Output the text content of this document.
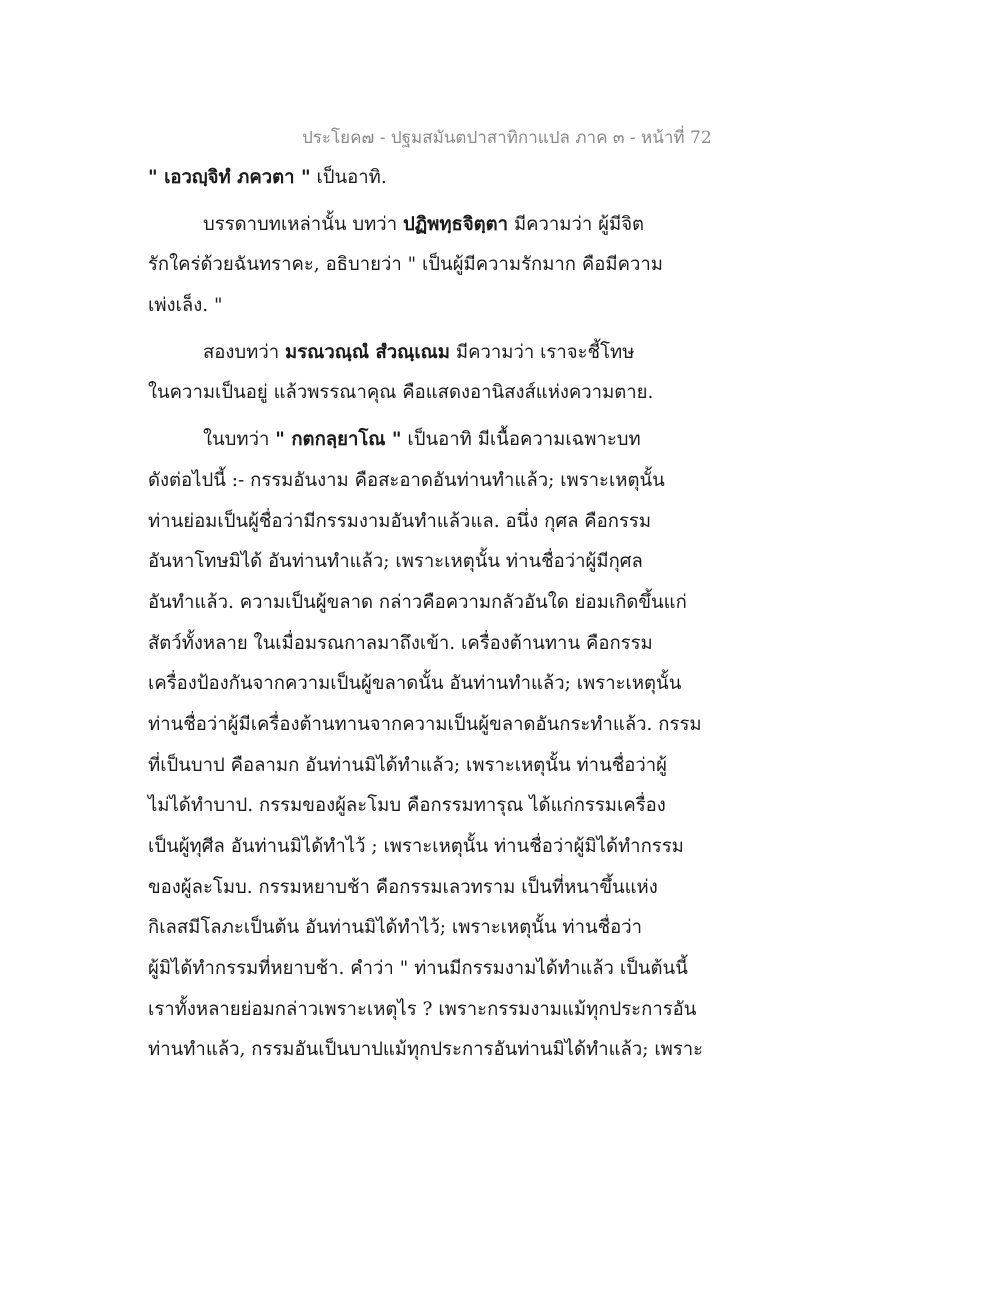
ประโยค๗ - ปฐมสมันตปาสาทิกาแปล ภาค ๓ - หน้าที่ 72
" เอวญฺจิทํ ภควตา " เป็นอาทิ.
บรรดาบทเหล่านั้น บทว่า ปฏิพทฺธจิตฺตา มีความว่า ผู้มีจิต
รักใคร่ด้วยฉันทราคะ, อธิบายว่า " เป็นผู้มีความรักมาก คือมีความ
เพ่งเล็ง. "
สองบทว่า มรณวณฺณํ สํวณฺเณม มีความว่า เราจะชี้โทษ
ในความเป็นอยู่ แล้วพรรณาคุณ คือแสดงอานิสงส์แห่งความตาย.
ในบทว่า " กตกลฺยาโณ " เป็นอาทิ มีเนื้อความเฉพาะบท
ดังต่อไปนี้ :- กรรมอันงาม คือสะอาดอันท่านทำแล้ว; เพราะเหตุนั้น
ท่านย่อมเป็นผู้ชื่อว่ามีกรรมงามอันทำแล้วแล. อนึ่ง กุศล คือกรรม
อันหาโทษมิได้ อันท่านทำแล้ว; เพราะเหตุนั้น ท่านชื่อว่าผู้มีกุศล
อันทำแล้ว. ความเป็นผู้ขลาด กล่าวคือความกลัวอันใด ย่อมเกิดขึ้นแก่
สัตว์ทั้งหลาย ในเมื่อมรณกาลมาถึงเข้า. เครื่องต้านทาน คือกรรม
เครื่องป้องกันจากความเป็นผู้ขลาดนั้น อันท่านทำแล้ว; เพราะเหตุนั้น
ท่านชื่อว่าผู้มีเครื่องต้านทานจากความเป็นผู้ขลาดอันกระทำแล้ว. กรรม
ที่เป็นบาป คือลามก อันท่านมิได้ทำแล้ว; เพราะเหตุนั้น ท่านชื่อว่าผู้
ไม่ได้ทำบาป. กรรมของผู้ละโมบ คือกรรมทารุณ ได้แก่กรรมเครื่อง
เป็นผู้ทุศีล อันท่านมิได้ทำไว้ ; เพราะเหตุนั้น ท่านชื่อว่าผู้มิได้ทำกรรม
ของผู้ละโมบ. กรรมหยาบช้า คือกรรมเลวทราม เป็นที่หนาขึ้นแห่ง
กิเลสมีโลภะเป็นต้น อันท่านมิได้ทำไว้; เพราะเหตุนั้น ท่านชื่อว่า
ผู้มิได้ทำกรรมที่หยาบช้า. คำว่า " ท่านมีกรรมงามได้ทำแล้ว เป็นต้นนี้
เราทั้งหลายย่อมกล่าวเพราะเหตุไร ? เพราะกรรมงามแม้ทุกประการอัน
ท่านทำแล้ว, กรรมอันเป็นบาปแม้ทุกประการอันท่านมิได้ทำแล้ว; เพราะ
